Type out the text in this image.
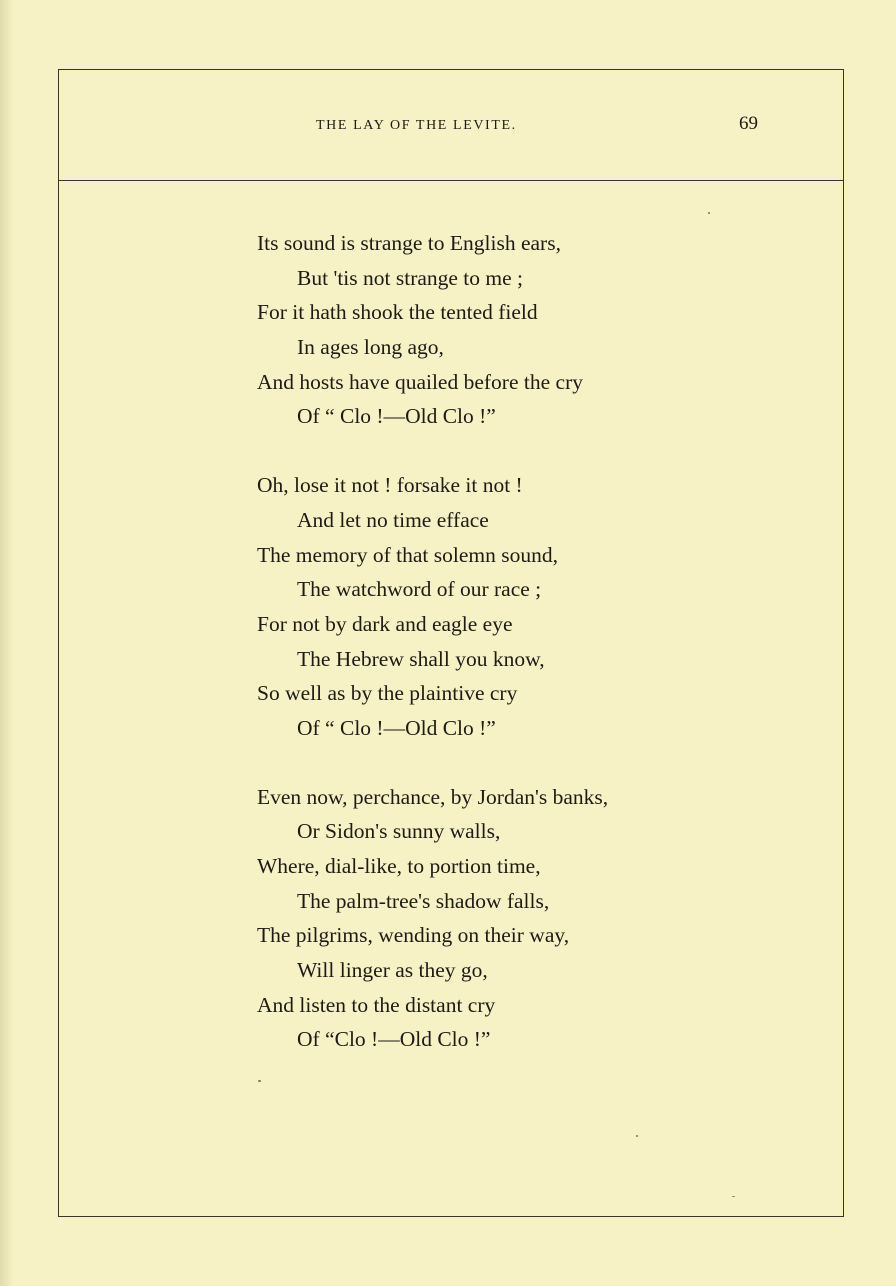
THE LAY OF THE LEVITE.	69
Its sound is strange to English ears,
But 'tis not strange to me ;
For it hath shook the tented field
In ages long ago,
And hosts have quailed before the cry
Of “ Clo !—Old Clo !”
Oh, lose it not ! forsake it not !
And let no time efface
The memory of that solemn sound,
The watchword of our race ;
For not by dark and eagle eye
The Hebrew shall you know,
So well as by the plaintive cry
Of “ Clo !—Old Clo !”
Even now, perchance, by Jordan's banks,
Or Sidon's sunny walls,
Where, dial-like, to portion time,
The palm-tree's shadow falls,
The pilgrims, wending on their way,
Will linger as they go,
And listen to the distant cry
Of “Clo !—Old Clo !”
